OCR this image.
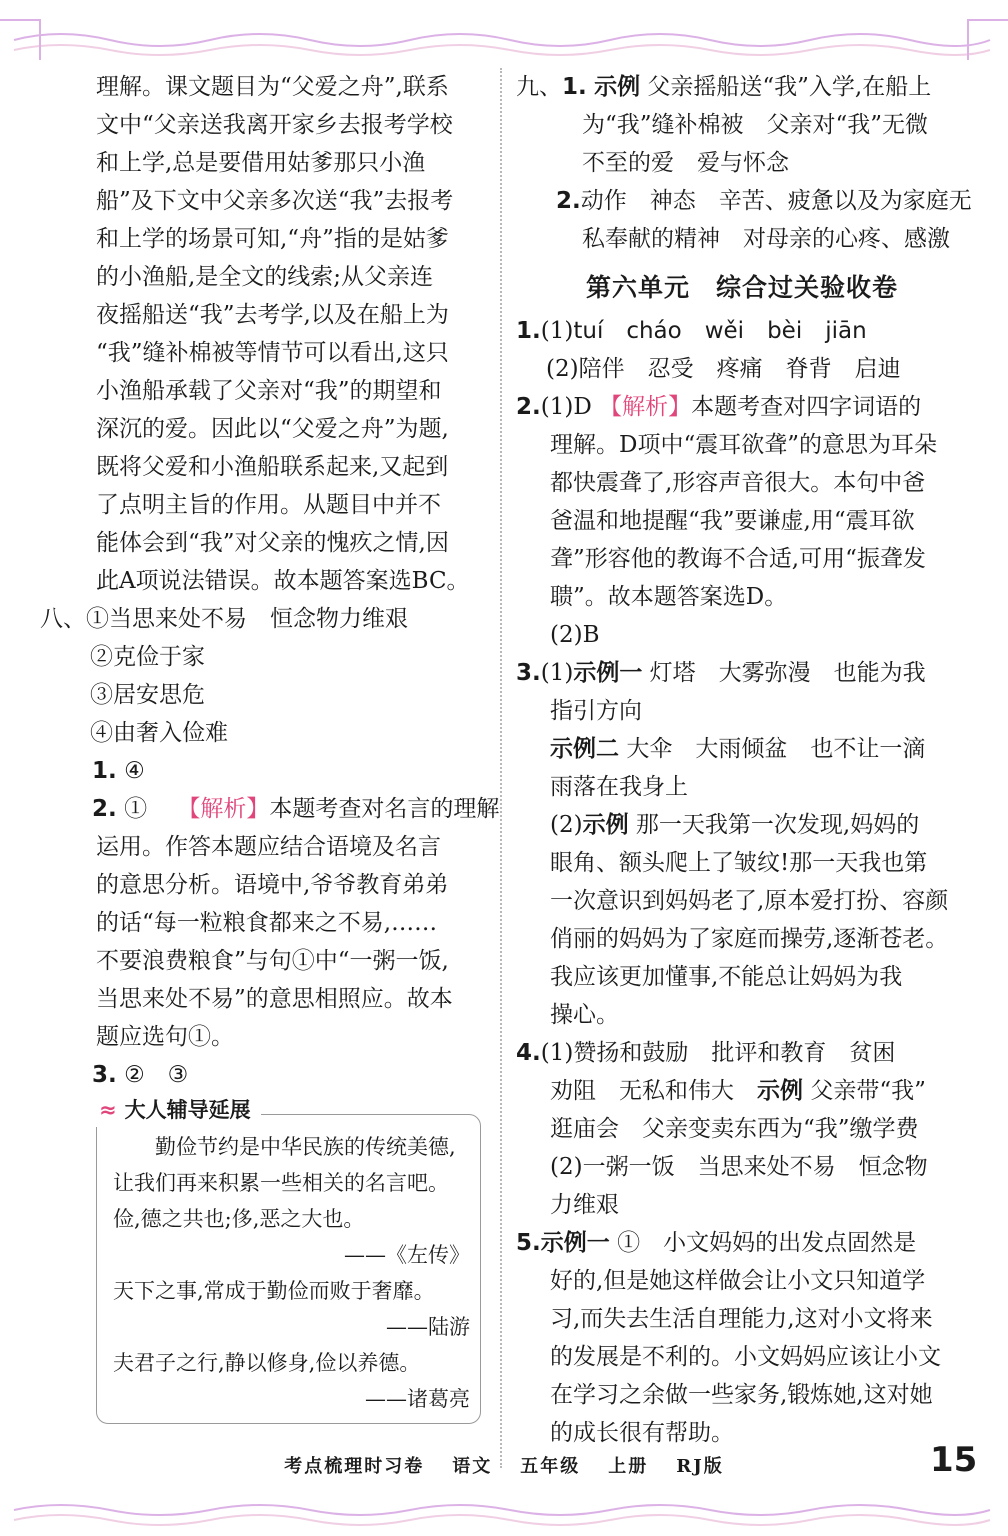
理解。课文题目为“父爱之舟”,联系
文中“父亲送我离开家乡去报考学校
和上学,总是要借用姑爹那只小渔
船”及下文中父亲多次送“我”去报考
和上学的场景可知,“舟”指的是姑爹
的小渔船,是全文的线索;从父亲连
夜摇船送“我”去考学,以及在船上为
“我”缝补棉被等情节可以看出,这只
小渔船承载了父亲对“我”的期望和
深沉的爱。因此以“父爱之舟”为题,
既将父爱和小渔船联系起来,又起到
了点明主旨的作用。从题目中并不
能体会到“我”对父亲的愧疚之情,因
此A项说法错误。故本题答案选BC。
八、①当思来处不易　恒念物力维艰
②克俭于家
③居安思危
④由奢入俭难
1. ④
2. ①　 【解析】本题考查对名言的理解
运用。作答本题应结合语境及名言
的意思分析。语境中,爷爷教育弟弟
的话“每一粒粮食都来之不易,……
不要浪费粮食”与句①中“一粥一饭,
当思来处不易”的意思相照应。故本
题应选句①。
3. ②　③
≈ 大人辅导延展
勤俭节约是中华民族的传统美德,
让我们再来积累一些相关的名言吧。
俭,德之共也;侈,恶之大也。
——《左传》
天下之事,常成于勤俭而败于奢靡。
——陆游
夫君子之行,静以修身,俭以养德。
——诸葛亮
九、1. 示例 父亲摇船送“我”入学,在船上
为“我”缝补棉被　父亲对“我”无微
不至的爱　爱与怀念
2.动作　神态　辛苦、疲惫以及为家庭无
私奉献的精神　对母亲的心疼、感激
第六单元　综合过关验收卷
1.(1)tuí　cháo　wěi　bèi　jiān
(2)陪伴　忍受　疼痛　脊背　启迪
2.(1)D 【解析】本题考查对四字词语的
理解。D项中“震耳欲聋”的意思为耳朵
都快震聋了,形容声音很大。本句中爸
爸温和地提醒“我”要谦虚,用“震耳欲
聋”形容他的教诲不合适,可用“振聋发
聩”。故本题答案选D。
(2)B
3.(1)示例一 灯塔　大雾弥漫　也能为我
指引方向
示例二 大伞　大雨倾盆　也不让一滴
雨落在我身上
(2)示例 那一天我第一次发现,妈妈的
眼角、额头爬上了皱纹!那一天我也第
一次意识到妈妈老了,原本爱打扮、容颜
俏丽的妈妈为了家庭而操劳,逐渐苍老。
我应该更加懂事,不能总让妈妈为我
操心。
4.(1)赞扬和鼓励　批评和教育　贫困
劝阻　无私和伟大　 示例 父亲带“我”
逛庙会　父亲变卖东西为“我”缴学费
(2)一粥一饭　当思来处不易　恒念物
力维艰
5.示例一 ①　小文妈妈的出发点固然是
好的,但是她这样做会让小文只知道学
习,而失去生活自理能力,这对小文将来
的发展是不利的。小文妈妈应该让小文
在学习之余做一些家务,锻炼她,这对她
的成长很有帮助。
考点梳理时习卷 语文 五年级 上册 RJ版	15
